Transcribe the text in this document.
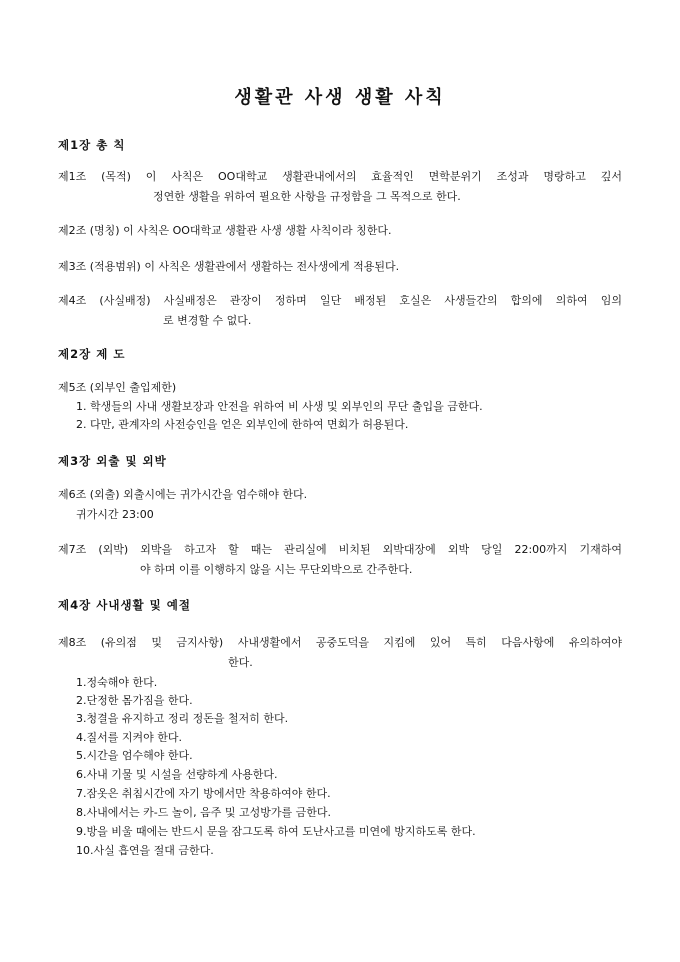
생활관 사생 생활 사칙
제1장 총 칙
제1조 (목적) 이 사칙은 OO대학교 생활관내에서의 효율적인 면학분위기 조성과 명랑하고 깊서
정연한 생활을 위하여 필요한 사항을 규정함을 그 목적으로 한다.
제2조 (명칭) 이 사칙은 OO대학교 생활관 사생 생활 사칙이라 칭한다.
제3조 (적용범위) 이 사칙은 생활관에서 생활하는 전사생에게 적용된다.
제4조 (사실배정) 사실배정은 관장이 정하며 일단 배정된 호실은 사생들간의 합의에 의하여 임의
로 변경할 수 없다.
제2장 제 도
제5조 (외부인 출입제한)
1. 학생들의 사내 생활보장과 안전을 위하여 비 사생 및 외부인의 무단 출입을 금한다.
2. 다만, 관계자의 사전승인을 얻은 외부인에 한하여 면회가 허용된다.
제3장 외출 및 외박
제6조 (외출) 외출시에는 귀가시간을 엄수해야 한다.
귀가시간 23:00
제7조 (외박) 외박을 하고자 할 때는 관리실에 비치된 외박대장에 외박 당일 22:00까지 기재하여
야 하며 이를 이행하지 않을 시는 무단외박으로 간주한다.
제4장 사내생활 및 예절
제8조 (유의점 및 금지사항) 사내생활에서 공중도덕을 지킴에 있어 특히 다음사항에 유의하여야
한다.
1.정숙해야 한다.
2.단정한 몸가짐을 한다.
3.청결을 유지하고 정리 정돈을 철저히 한다.
4.질서를 지켜야 한다.
5.시간을 엄수해야 한다.
6.사내 기물 및 시설을 선량하게 사용한다.
7.잠옷은 취침시간에 자기 방에서만 착용하여야 한다.
8.사내에서는 카-드 놀이, 음주 및 고성방가를 금한다.
9.방을 비울 때에는 반드시 문을 잠그도록 하여 도난사고를 미연에 방지하도록 한다.
10.사실 흡연을 절대 금한다.
